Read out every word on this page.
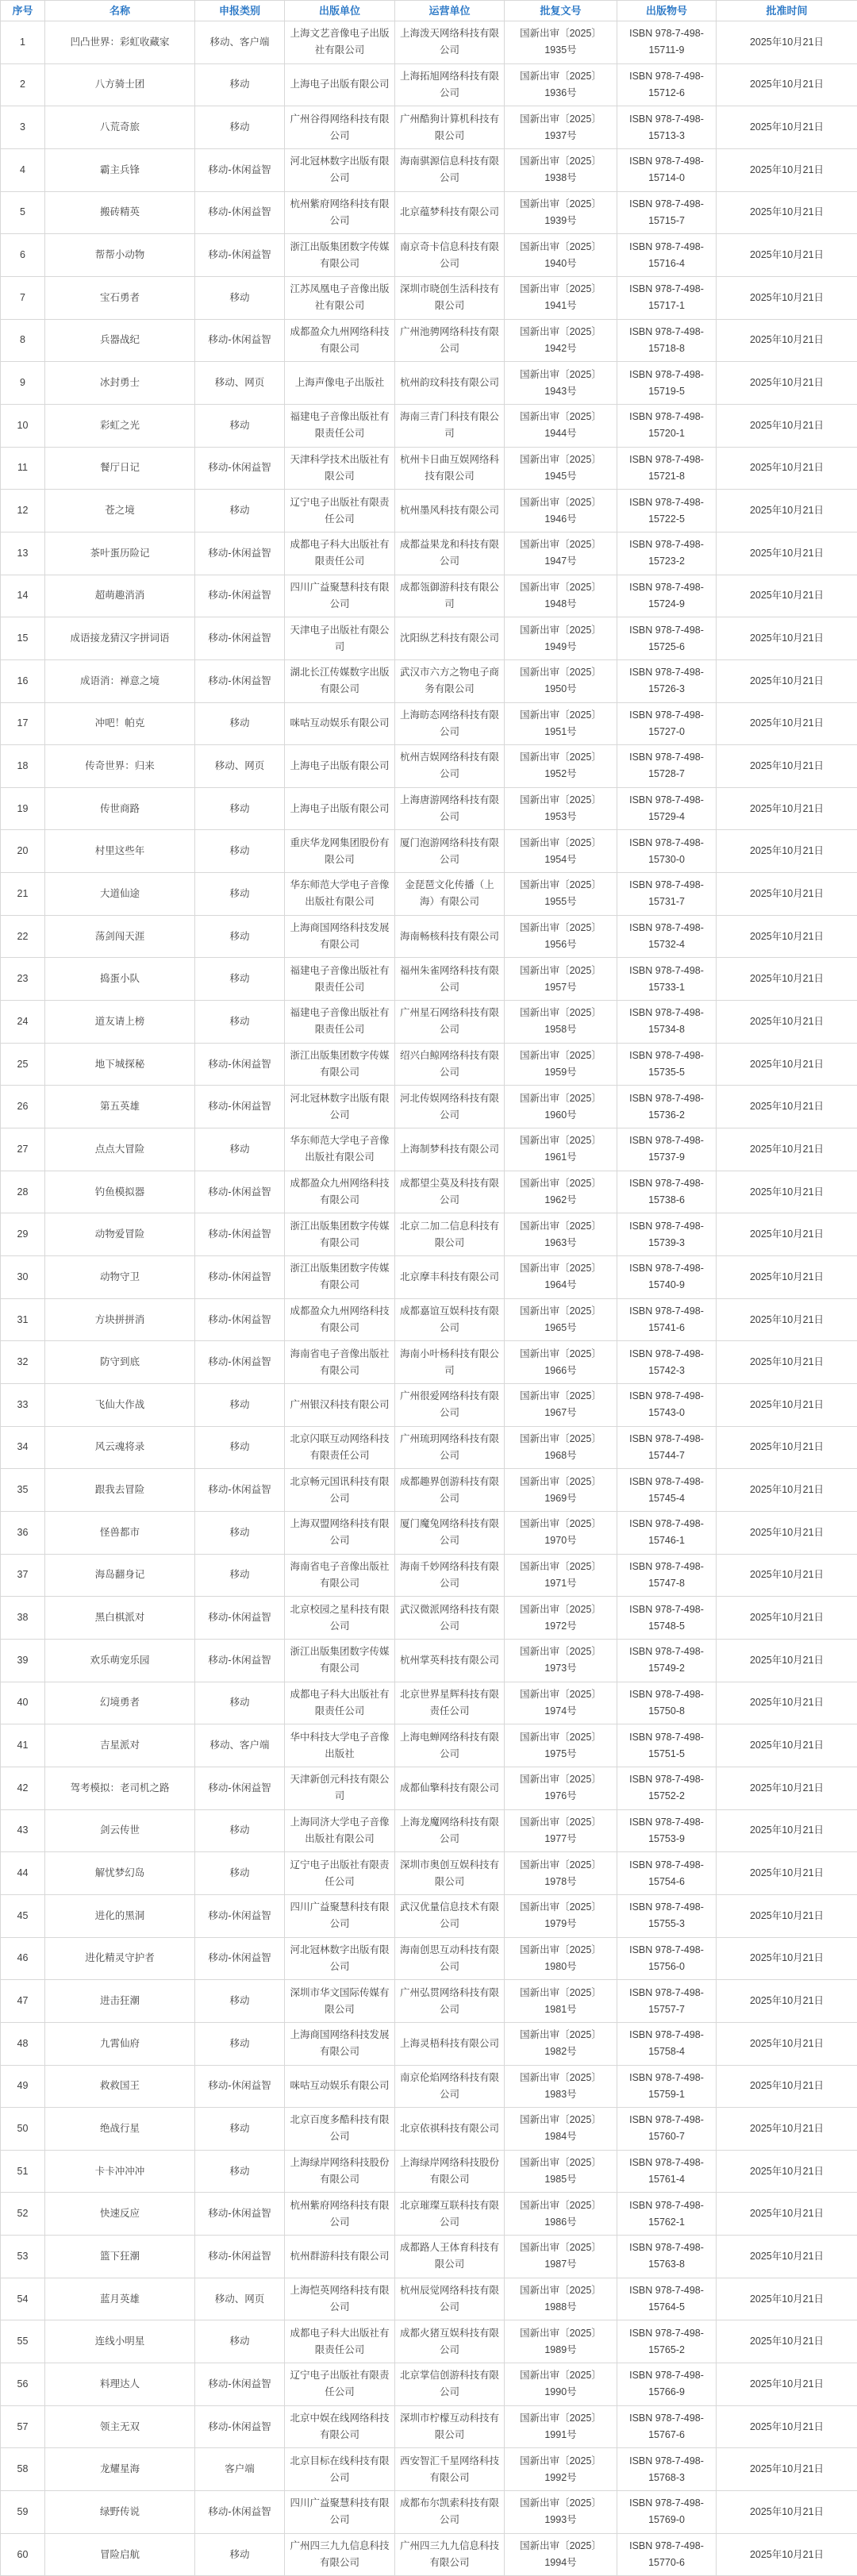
序号	名称	申报类别	出版单位	运营单位	批复文号	出版物号	批准时间
1	凹凸世界：彩虹收藏家	移动、客户端	上海文艺音像电子出版社有限公司	上海泼天网络科技有限公司	国新出审〔2025〕1935号	ISBN 978-7-498-15711-9	2025年10月21日
2	八方骑士团	移动	上海电子出版有限公司	上海拓旭网络科技有限公司	国新出审〔2025〕1936号	ISBN 978-7-498-15712-6	2025年10月21日
3	八荒奇旅	移动	广州谷得网络科技有限公司	广州酷狗计算机科技有限公司	国新出审〔2025〕1937号	ISBN 978-7-498-15713-3	2025年10月21日
4	霸主兵锋	移动-休闲益智	河北冠林数字出版有限公司	海南骐源信息科技有限公司	国新出审〔2025〕1938号	ISBN 978-7-498-15714-0	2025年10月21日
5	搬砖精英	移动-休闲益智	杭州紫府网络科技有限公司	北京蕴梦科技有限公司	国新出审〔2025〕1939号	ISBN 978-7-498-15715-7	2025年10月21日
6	帮帮小动物	移动-休闲益智	浙江出版集团数字传媒有限公司	南京奇卡信息科技有限公司	国新出审〔2025〕1940号	ISBN 978-7-498-15716-4	2025年10月21日
7	宝石勇者	移动	江苏凤凰电子音像出版社有限公司	深圳市晓创生活科技有限公司	国新出审〔2025〕1941号	ISBN 978-7-498-15717-1	2025年10月21日
8	兵器战纪	移动-休闲益智	成都盈众九州网络科技有限公司	广州池骋网络科技有限公司	国新出审〔2025〕1942号	ISBN 978-7-498-15718-8	2025年10月21日
9	冰封勇士	移动、网页	上海声像电子出版社	杭州韵玟科技有限公司	国新出审〔2025〕1943号	ISBN 978-7-498-15719-5	2025年10月21日
10	彩虹之光	移动	福建电子音像出版社有限责任公司	海南三青门科技有限公司	国新出审〔2025〕1944号	ISBN 978-7-498-15720-1	2025年10月21日
11	餐厅日记	移动-休闲益智	天津科学技术出版社有限公司	杭州卡日曲互娱网络科技有限公司	国新出审〔2025〕1945号	ISBN 978-7-498-15721-8	2025年10月21日
12	苍之境	移动	辽宁电子出版社有限责任公司	杭州墨风科技有限公司	国新出审〔2025〕1946号	ISBN 978-7-498-15722-5	2025年10月21日
13	茶叶蛋历险记	移动-休闲益智	成都电子科大出版社有限责任公司	成都益果龙和科技有限公司	国新出审〔2025〕1947号	ISBN 978-7-498-15723-2	2025年10月21日
14	超萌趣消消	移动-休闲益智	四川广益聚慧科技有限公司	成都瓴御游科技有限公司	国新出审〔2025〕1948号	ISBN 978-7-498-15724-9	2025年10月21日
15	成语接龙猜汉字拼词语	移动-休闲益智	天津电子出版社有限公司	沈阳纵艺科技有限公司	国新出审〔2025〕1949号	ISBN 978-7-498-15725-6	2025年10月21日
16	成语消：禅意之境	移动-休闲益智	湖北长江传媒数字出版有限公司	武汉市六方之物电子商务有限公司	国新出审〔2025〕1950号	ISBN 978-7-498-15726-3	2025年10月21日
17	冲吧！帕克	移动	咪咕互动娱乐有限公司	上海昉态网络科技有限公司	国新出审〔2025〕1951号	ISBN 978-7-498-15727-0	2025年10月21日
18	传奇世界：归来	移动、网页	上海电子出版有限公司	杭州吉娱网络科技有限公司	国新出审〔2025〕1952号	ISBN 978-7-498-15728-7	2025年10月21日
19	传世商路	移动	上海电子出版有限公司	上海唐游网络科技有限公司	国新出审〔2025〕1953号	ISBN 978-7-498-15729-4	2025年10月21日
20	村里这些年	移动	重庆华龙网集团股份有限公司	厦门泡游网络科技有限公司	国新出审〔2025〕1954号	ISBN 978-7-498-15730-0	2025年10月21日
21	大道仙途	移动	华东师范大学电子音像出版社有限公司	金琵琶文化传播（上海）有限公司	国新出审〔2025〕1955号	ISBN 978-7-498-15731-7	2025年10月21日
22	荡剑闯天涯	移动	上海商国网络科技发展有限公司	海南畅核科技有限公司	国新出审〔2025〕1956号	ISBN 978-7-498-15732-4	2025年10月21日
23	捣蛋小队	移动	福建电子音像出版社有限责任公司	福州朱雀网络科技有限公司	国新出审〔2025〕1957号	ISBN 978-7-498-15733-1	2025年10月21日
24	道友请上榜	移动	福建电子音像出版社有限责任公司	广州星石网络科技有限公司	国新出审〔2025〕1958号	ISBN 978-7-498-15734-8	2025年10月21日
25	地下城探秘	移动-休闲益智	浙江出版集团数字传媒有限公司	绍兴白鲸网络科技有限公司	国新出审〔2025〕1959号	ISBN 978-7-498-15735-5	2025年10月21日
26	第五英雄	移动-休闲益智	河北冠林数字出版有限公司	河北传娱网络科技有限公司	国新出审〔2025〕1960号	ISBN 978-7-498-15736-2	2025年10月21日
27	点点大冒险	移动	华东师范大学电子音像出版社有限公司	上海制梦科技有限公司	国新出审〔2025〕1961号	ISBN 978-7-498-15737-9	2025年10月21日
28	钓鱼模拟器	移动-休闲益智	成都盈众九州网络科技有限公司	成都望尘莫及科技有限公司	国新出审〔2025〕1962号	ISBN 978-7-498-15738-6	2025年10月21日
29	动物爱冒险	移动-休闲益智	浙江出版集团数字传媒有限公司	北京二加二信息科技有限公司	国新出审〔2025〕1963号	ISBN 978-7-498-15739-3	2025年10月21日
30	动物守卫	移动-休闲益智	浙江出版集团数字传媒有限公司	北京摩丰科技有限公司	国新出审〔2025〕1964号	ISBN 978-7-498-15740-9	2025年10月21日
31	方块拼拼消	移动-休闲益智	成都盈众九州网络科技有限公司	成都嘉谊互娱科技有限公司	国新出审〔2025〕1965号	ISBN 978-7-498-15741-6	2025年10月21日
32	防守到底	移动-休闲益智	海南省电子音像出版社有限公司	海南小叶杨科技有限公司	国新出审〔2025〕1966号	ISBN 978-7-498-15742-3	2025年10月21日
33	飞仙大作战	移动	广州银汉科技有限公司	广州很爱网络科技有限公司	国新出审〔2025〕1967号	ISBN 978-7-498-15743-0	2025年10月21日
34	风云魂将录	移动	北京闪联互动网络科技有限责任公司	广州琉玥网络科技有限公司	国新出审〔2025〕1968号	ISBN 978-7-498-15744-7	2025年10月21日
35	跟我去冒险	移动-休闲益智	北京畅元国讯科技有限公司	成都趣界创游科技有限公司	国新出审〔2025〕1969号	ISBN 978-7-498-15745-4	2025年10月21日
36	怪兽都市	移动	上海双盟网络科技有限公司	厦门魔兔网络科技有限公司	国新出审〔2025〕1970号	ISBN 978-7-498-15746-1	2025年10月21日
37	海岛翻身记	移动	海南省电子音像出版社有限公司	海南千妙网络科技有限公司	国新出审〔2025〕1971号	ISBN 978-7-498-15747-8	2025年10月21日
38	黑白棋派对	移动-休闲益智	北京校园之星科技有限公司	武汉微派网络科技有限公司	国新出审〔2025〕1972号	ISBN 978-7-498-15748-5	2025年10月21日
39	欢乐萌宠乐园	移动-休闲益智	浙江出版集团数字传媒有限公司	杭州掌英科技有限公司	国新出审〔2025〕1973号	ISBN 978-7-498-15749-2	2025年10月21日
40	幻境勇者	移动	成都电子科大出版社有限责任公司	北京世界星辉科技有限责任公司	国新出审〔2025〕1974号	ISBN 978-7-498-15750-8	2025年10月21日
41	吉星派对	移动、客户端	华中科技大学电子音像出版社	上海电蝉网络科技有限公司	国新出审〔2025〕1975号	ISBN 978-7-498-15751-5	2025年10月21日
42	驾考模拟：老司机之路	移动-休闲益智	天津新创元科技有限公司	成都仙擎科技有限公司	国新出审〔2025〕1976号	ISBN 978-7-498-15752-2	2025年10月21日
43	剑云传世	移动	上海同济大学电子音像出版社有限公司	上海龙魔网络科技有限公司	国新出审〔2025〕1977号	ISBN 978-7-498-15753-9	2025年10月21日
44	解忧梦幻岛	移动	辽宁电子出版社有限责任公司	深圳市奥创互娱科技有限公司	国新出审〔2025〕1978号	ISBN 978-7-498-15754-6	2025年10月21日
45	进化的黑洞	移动-休闲益智	四川广益聚慧科技有限公司	武汉优量信息技术有限公司	国新出审〔2025〕1979号	ISBN 978-7-498-15755-3	2025年10月21日
46	进化精灵守护者	移动-休闲益智	河北冠林数字出版有限公司	海南创思互动科技有限公司	国新出审〔2025〕1980号	ISBN 978-7-498-15756-0	2025年10月21日
47	进击狂潮	移动	深圳市华文国际传媒有限公司	广州弘贯网络科技有限公司	国新出审〔2025〕1981号	ISBN 978-7-498-15757-7	2025年10月21日
48	九霄仙府	移动	上海商国网络科技发展有限公司	上海灵梧科技有限公司	国新出审〔2025〕1982号	ISBN 978-7-498-15758-4	2025年10月21日
49	救救国王	移动-休闲益智	咪咕互动娱乐有限公司	南京伦焰网络科技有限公司	国新出审〔2025〕1983号	ISBN 978-7-498-15759-1	2025年10月21日
50	绝战行星	移动	北京百度多酷科技有限公司	北京依祺科技有限公司	国新出审〔2025〕1984号	ISBN 978-7-498-15760-7	2025年10月21日
51	卡卡冲冲冲	移动	上海绿岸网络科技股份有限公司	上海绿岸网络科技股份有限公司	国新出审〔2025〕1985号	ISBN 978-7-498-15761-4	2025年10月21日
52	快速反应	移动-休闲益智	杭州紫府网络科技有限公司	北京璀璨互联科技有限公司	国新出审〔2025〕1986号	ISBN 978-7-498-15762-1	2025年10月21日
53	篮下狂潮	移动-休闲益智	杭州群游科技有限公司	成都路人王体育科技有限公司	国新出审〔2025〕1987号	ISBN 978-7-498-15763-8	2025年10月21日
54	蓝月英雄	移动、网页	上海恺英网络科技有限公司	杭州辰觉网络科技有限公司	国新出审〔2025〕1988号	ISBN 978-7-498-15764-5	2025年10月21日
55	连线小明星	移动	成都电子科大出版社有限责任公司	成都火猪互娱科技有限公司	国新出审〔2025〕1989号	ISBN 978-7-498-15765-2	2025年10月21日
56	料理达人	移动-休闲益智	辽宁电子出版社有限责任公司	北京掌信创游科技有限公司	国新出审〔2025〕1990号	ISBN 978-7-498-15766-9	2025年10月21日
57	领主无双	移动-休闲益智	北京中娱在线网络科技有限公司	深圳市柠檬互动科技有限公司	国新出审〔2025〕1991号	ISBN 978-7-498-15767-6	2025年10月21日
58	龙耀星海	客户端	北京目标在线科技有限公司	西安智汇千星网络科技有限公司	国新出审〔2025〕1992号	ISBN 978-7-498-15768-3	2025年10月21日
59	绿野传说	移动-休闲益智	四川广益聚慧科技有限公司	成都布尔凯索科技有限公司	国新出审〔2025〕1993号	ISBN 978-7-498-15769-0	2025年10月21日
60	冒险启航	移动	广州四三九九信息科技有限公司	广州四三九九信息科技有限公司	国新出审〔2025〕1994号	ISBN 978-7-498-15770-6	2025年10月21日
